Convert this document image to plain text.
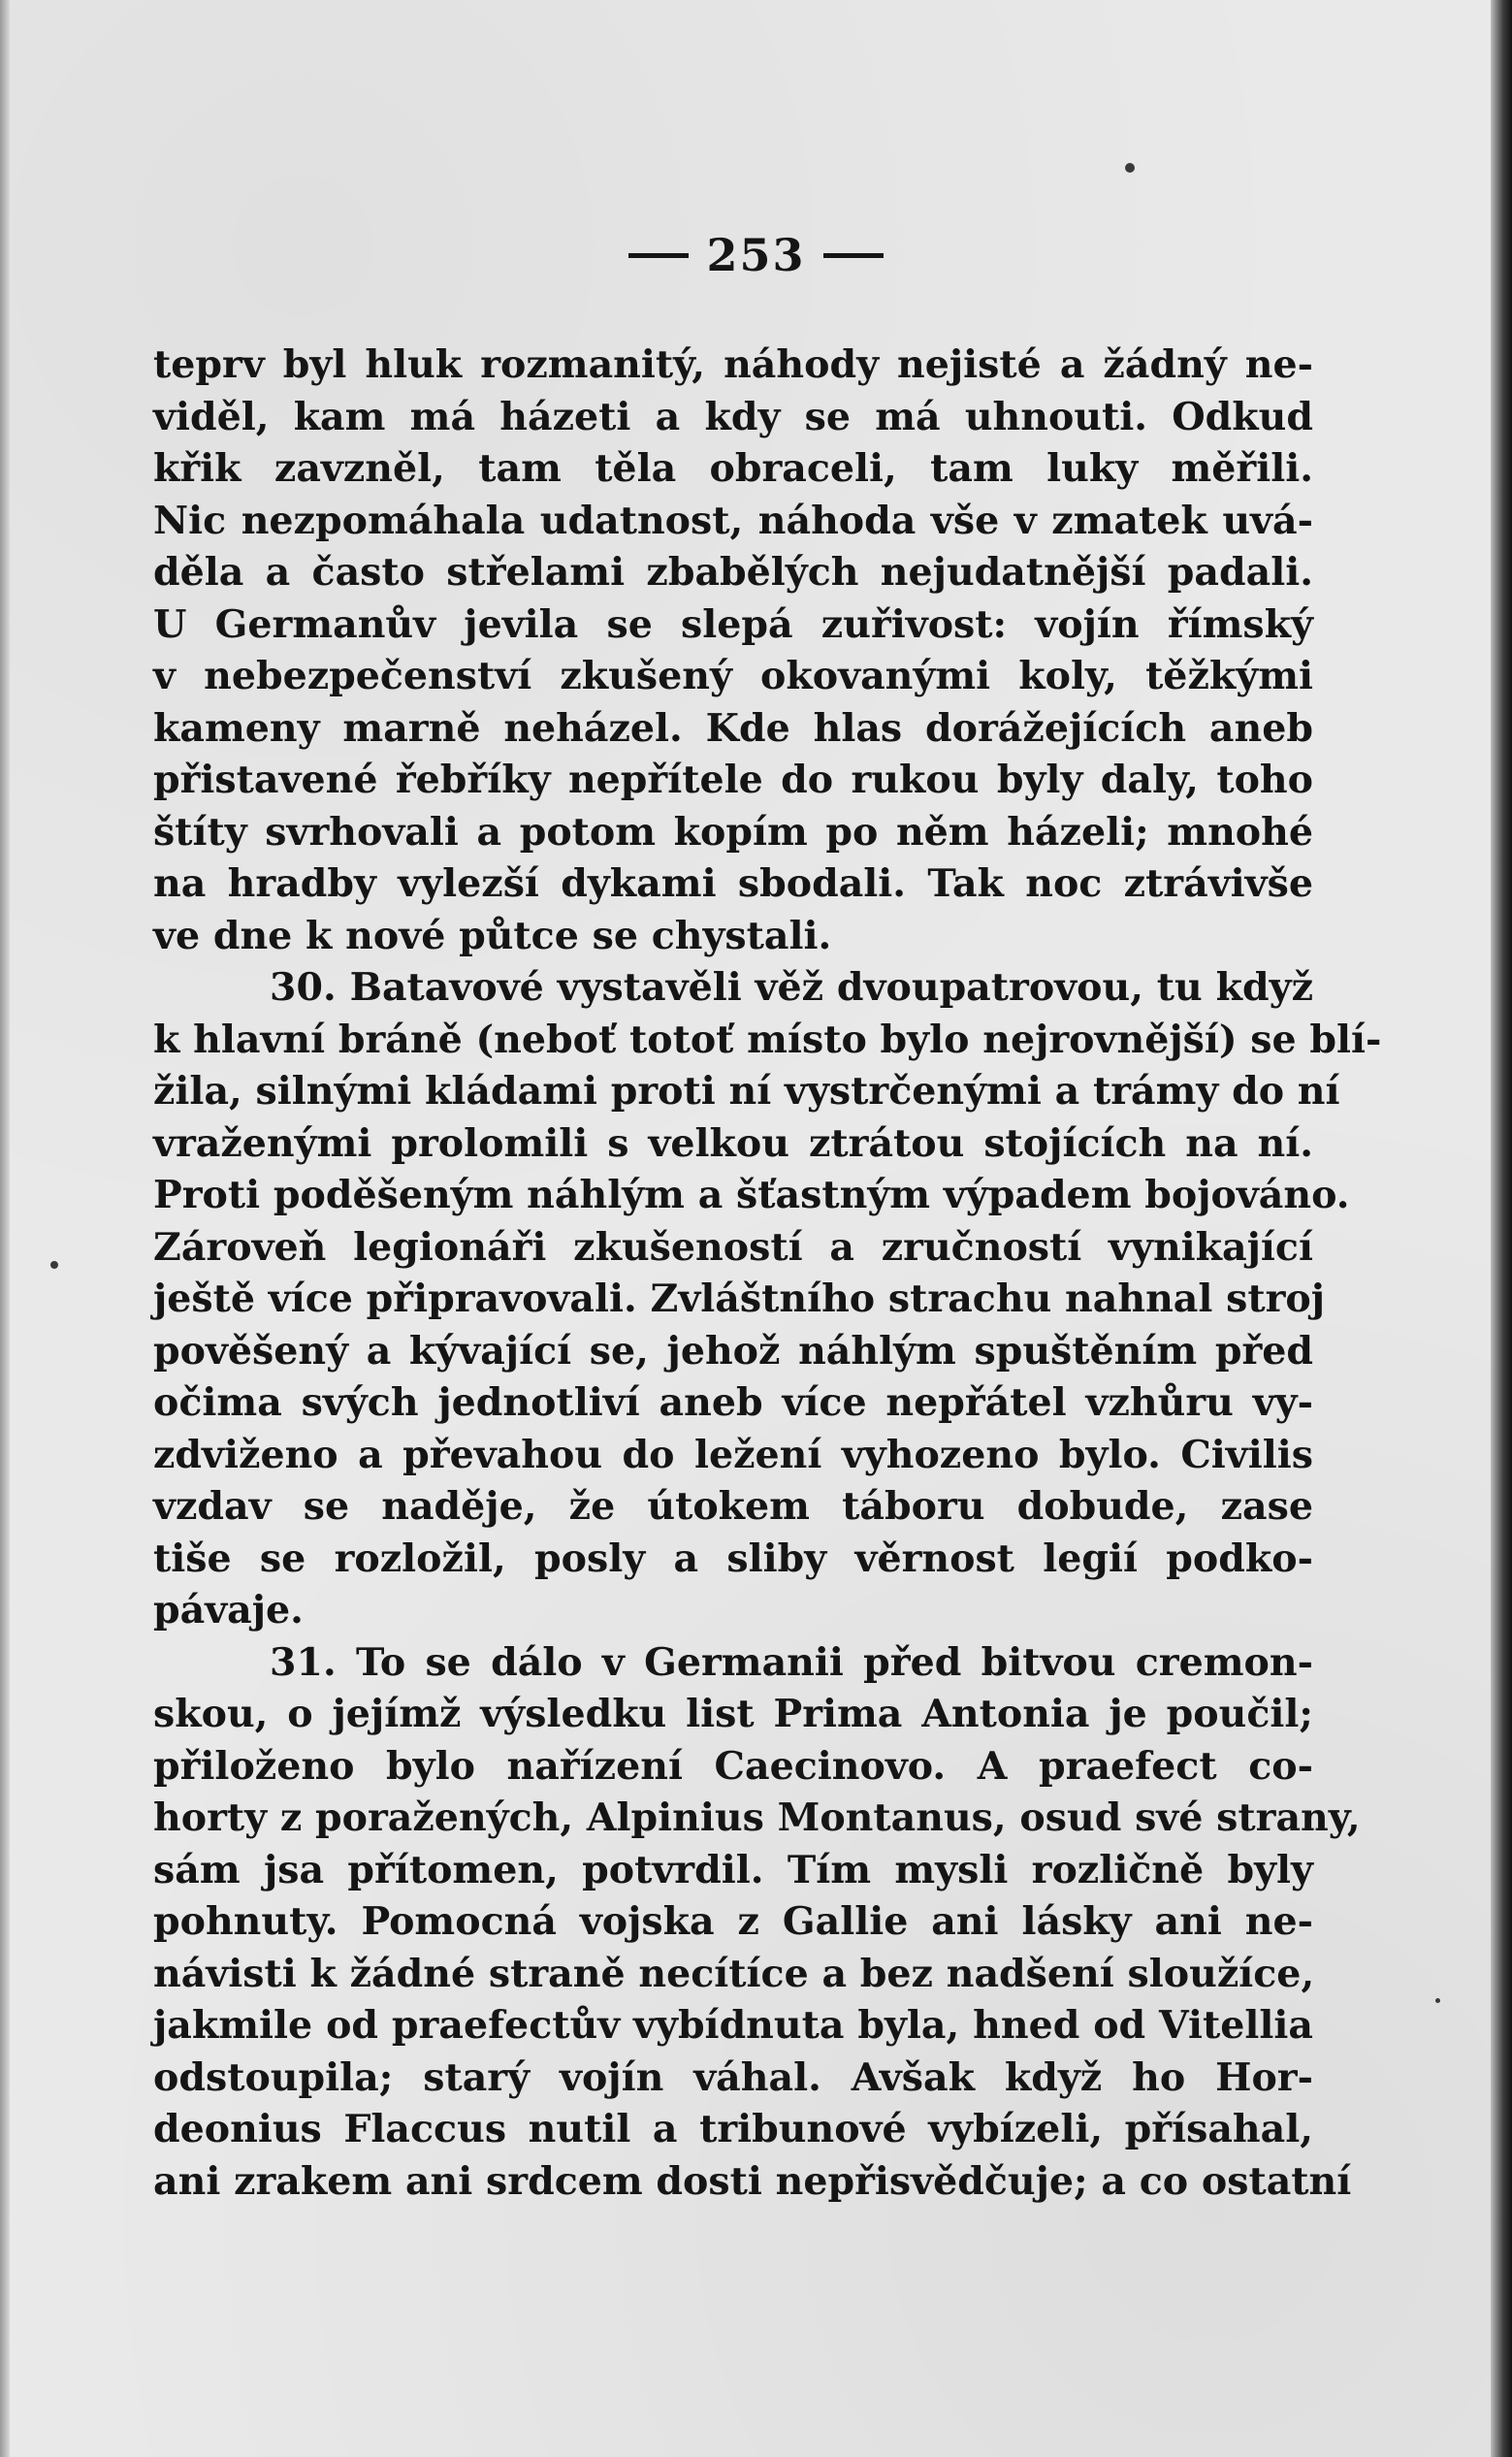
253
teprv byl hluk rozmanitý, náhody nejisté a žádný ne-
viděl, kam má házeti a kdy se má uhnouti. Odkud
křik zavzněl, tam těla obraceli, tam luky měřili.
Nic nezpomáhala udatnost, náhoda vše v zmatek uvá-
děla a často střelami zbabělých nejudatnější padali.
U Germanův jevila se slepá zuřivost: vojín římský
v nebezpečenství zkušený okovanými koly, těžkými
kameny marně neházel. Kde hlas dorážejících aneb
přistavené řebříky nepřítele do rukou byly daly, toho
štíty svrhovali a potom kopím po něm házeli; mnohé
na hradby vylezší dykami sbodali. Tak noc ztrávivše
ve dne k nové půtce se chystali.
30. Batavové vystavěli věž dvoupatrovou, tu když
k hlavní bráně (neboť totoť místo bylo nejrovnější) se blí-
žila, silnými kládami proti ní vystrčenými a trámy do ní
vraženými prolomili s velkou ztrátou stojících na ní.
Proti poděšeným náhlým a šťastným výpadem bojováno.
Zároveň legionáři zkušeností a zručností vynikající
ještě více připravovali. Zvláštního strachu nahnal stroj
pověšený a kývající se, jehož náhlým spuštěním před
očima svých jednotliví aneb více nepřátel vzhůru vy-
zdviženo a převahou do ležení vyhozeno bylo. Civilis
vzdav se naděje, že útokem táboru dobude, zase
tiše se rozložil, posly a sliby věrnost legií podko-
pávaje.
31. To se dálo v Germanii před bitvou cremon-
skou, o jejímž výsledku list Prima Antonia je poučil;
přiloženo bylo nařízení Caecinovo. A praefect co-
horty z poražených, Alpinius Montanus, osud své strany,
sám jsa přítomen, potvrdil. Tím mysli rozličně byly
pohnuty. Pomocná vojska z Gallie ani lásky ani ne-
návisti k žádné straně necítíce a bez nadšení sloužíce,
jakmile od praefectův vybídnuta byla, hned od Vitellia
odstoupila; starý vojín váhal. Avšak když ho Hor-
deonius Flaccus nutil a tribunové vybízeli, přísahal,
ani zrakem ani srdcem dosti nepřisvědčuje; a co ostatní
